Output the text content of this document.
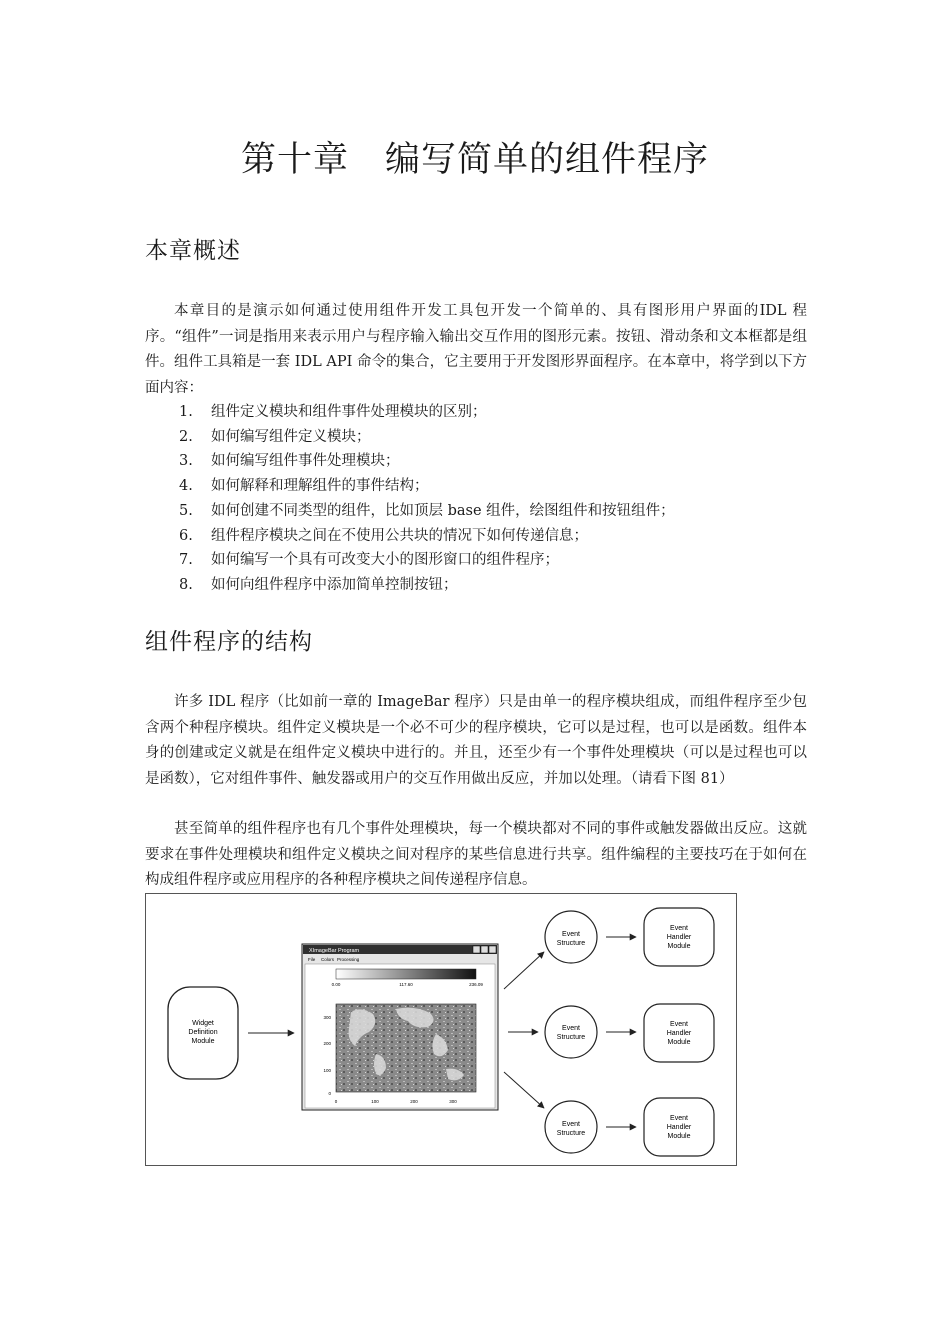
第十章　编写简单的组件程序
本章概述

本章目的是演示如何通过使用组件开发工具包开发一个简单的、具有图形用户界面的IDL 程序。“组件”一词是指用来表示用户与程序输入输出交互作用的图形元素。按钮、滑动条和文本框都是组件。组件工具箱是一套 IDL API 命令的集合，它主要用于开发图形界面程序。在本章中，将学到以下方面内容：

1. 组件定义模块和组件事件处理模块的区别；
2. 如何编写组件定义模块；
3. 如何编写组件事件处理模块；
4. 如何解释和理解组件的事件结构；
5. 如何创建不同类型的组件，比如顶层 base 组件，绘图组件和按钮组件；
6. 组件程序模块之间在不使用公共块的情况下如何传递信息；
7. 如何编写一个具有可改变大小的图形窗口的组件程序；
8. 如何向组件程序中添加简单控制按钮；
组件程序的结构

许多 IDL 程序（比如前一章的 ImageBar 程序）只是由单一的程序模块组成，而组件程序至少包含两个种程序模块。组件定义模块是一个必不可少的程序模块，它可以是过程，也可以是函数。组件本身的创建或定义就是在组件定义模块中进行的。并且，还至少有一个事件处理模块（可以是过程也可以是函数），它对组件事件、触发器或用户的交互作用做出反应，并加以处理。（请看下图 81）

甚至简单的组件程序也有几个事件处理模块，每一个模块都对不同的事件或触发器做出反应。这就要求在事件处理模块和组件定义模块之间对程序的某些信息进行共享。组件编程的主要技巧在于如何在构成组件程序或应用程序的各种程序模块之间传递程序信息。

Widget
Definition
Module
XImageBar Program
File Colors Processing
0.00	117.60	236.09
300
200
100
0
0	100	200	300
Event
Structure
Event
Structure
Event
Structure
Event
Handler
Module
Event
Handler
Module
Event
Handler
Module
